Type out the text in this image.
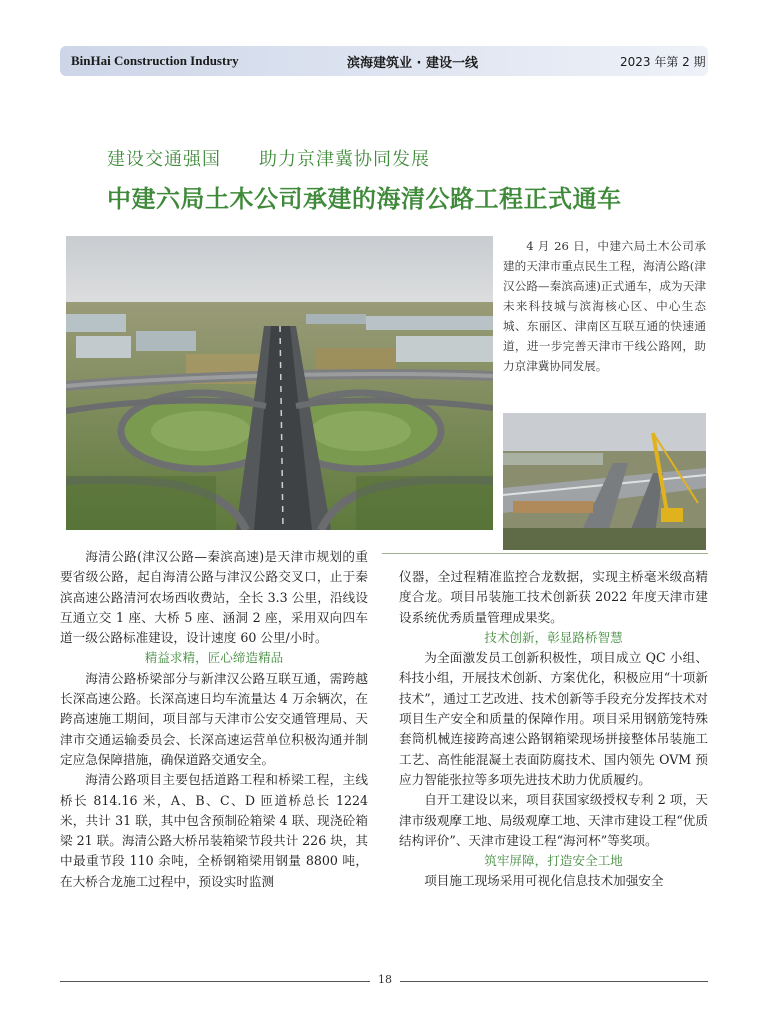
BinHai Construction Industry	滨海建筑业 · 建设一线	2023 年第 2 期
建设交通强国　　助力京津冀协同发展
中建六局土木公司承建的海清公路工程正式通车
4 月 26 日，中建六局土木公司承建的天津市重点民生工程，海清公路(津汉公路—秦滨高速)正式通车，成为天津未来科技城与滨海核心区、中心生态城、东丽区、津南区互联互通的快速通道，进一步完善天津市干线公路网，助力京津冀协同发展。

海清公路(津汉公路—秦滨高速)是天津市规划的重要省级公路，起自海清公路与津汉公路交叉口，止于秦滨高速公路清河农场西收费站，全长 3.3 公里，沿线设互通立交 1 座、大桥 5 座、涵洞 2 座，采用双向四车道一级公路标准建设，设计速度 60 公里/小时。

精益求精，匠心缔造精品

海清公路桥梁部分与新津汉公路互联互通，需跨越长深高速公路。长深高速日均车流量达 4 万余辆次，在跨高速施工期间，项目部与天津市公安交通管理局、天津市交通运输委员会、长深高速运营单位积极沟通并制定应急保障措施，确保道路交通安全。

海清公路项目主要包括道路工程和桥梁工程，主线桥长 814.16 米，A、B、C、D 匝道桥总长 1224 米，共计 31 联，其中包含预制砼箱梁 4 联、现浇砼箱梁 21 联。海清公路大桥吊装箱梁节段共计 226 块，其中最重节段 110 余吨，全桥钢箱梁用钢量 8800 吨，在大桥合龙施工过程中，预设实时监测

仪器，全过程精准监控合龙数据，实现主桥毫米级高精度合龙。项目吊装施工技术创新获 2022 年度天津市建设系统优秀质量管理成果奖。

技术创新，彰显路桥智慧

为全面激发员工创新积极性，项目成立 QC 小组、科技小组，开展技术创新、方案优化，积极应用“十项新技术”，通过工艺改进、技术创新等手段充分发挥技术对项目生产安全和质量的保障作用。项目采用钢筋笼特殊套筒机械连接跨高速公路钢箱梁现场拼接整体吊装施工工艺、高性能混凝土表面防腐技术、国内领先 OVM 预应力智能张拉等多项先进技术助力优质履约。

自开工建设以来，项目获国家级授权专利 2 项，天津市级观摩工地、局级观摩工地、天津市建设工程“优质结构评价”、天津市建设工程“海河杯”等奖项。

筑牢屏障，打造安全工地

项目施工现场采用可视化信息技术加强安全

18
